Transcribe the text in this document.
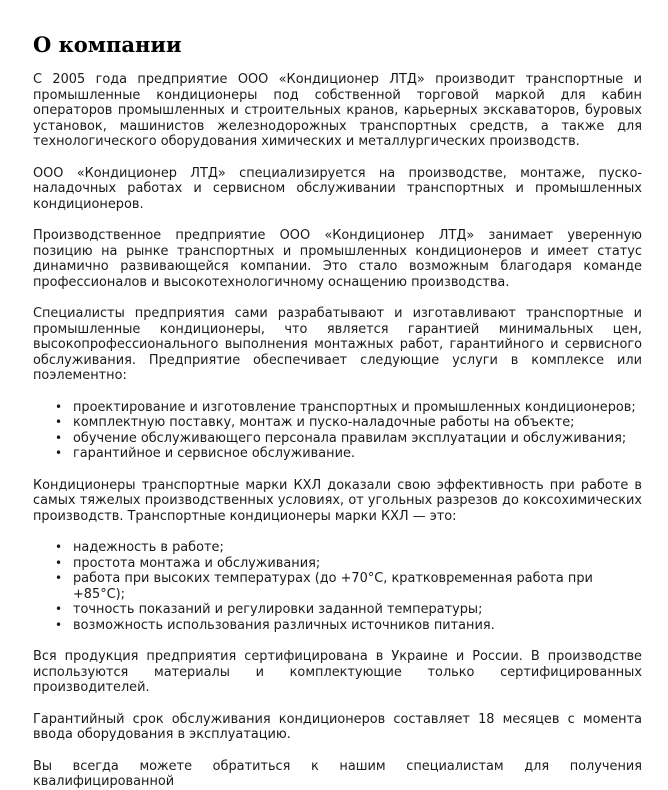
О компании

С 2005 года предприятие ООО «Кондиционер ЛТД» производит транспортные и промышленные кондиционеры под собственной торговой маркой для кабин операторов промышленных и строительных кранов, карьерных экскаваторов, буровых установок, машинистов железнодорожных транспортных средств, а также для технологического оборудования химических и металлургических производств.

ООО «Кондиционер ЛТД» специализируется на производстве, монтаже, пуско-наладочных работах и сервисном обслуживании транспортных и промышленных кондиционеров.

Производственное предприятие ООО «Кондиционер ЛТД» занимает уверенную позицию на рынке транспортных и промышленных кондиционеров и имеет статус динамично развивающейся компании. Это стало возможным благодаря команде профессионалов и высокотехнологичному оснащению производства.

Специалисты предприятия сами разрабатывают и изготавливают транспортные и промышленные кондиционеры, что является гарантией минимальных цен, высокопрофессионального выполнения монтажных работ, гарантийного и сервисного обслуживания. Предприятие обеспечивает следующие услуги в комплексе или поэлементно:

• проектирование и изготовление транспортных и промышленных кондиционеров;
• комплектную поставку, монтаж и пуско-наладочные работы на объекте;
• обучение обслуживающего персонала правилам эксплуатации и обслуживания;
• гарантийное и сервисное обслуживание.

Кондиционеры транспортные марки КХЛ доказали свою эффективность при работе в самых тяжелых производственных условиях, от угольных разрезов до коксохимических производств. Транспортные кондиционеры марки КХЛ — это:

• надежность в работе;
• простота монтажа и обслуживания;
• работа при высоких температурах (до +70°С, кратковременная работа при +85°С);
• точность показаний и регулировки заданной температуры;
• возможность использования различных источников питания.

Вся продукция предприятия сертифицирована в Украине и России. В производстве используются материалы и комплектующие только сертифицированных производителей.

Гарантийный срок обслуживания кондиционеров составляет 18 месяцев с момента ввода оборудования в эксплуатацию.

Вы всегда можете обратиться к нашим специалистам для получения квалифицированной
